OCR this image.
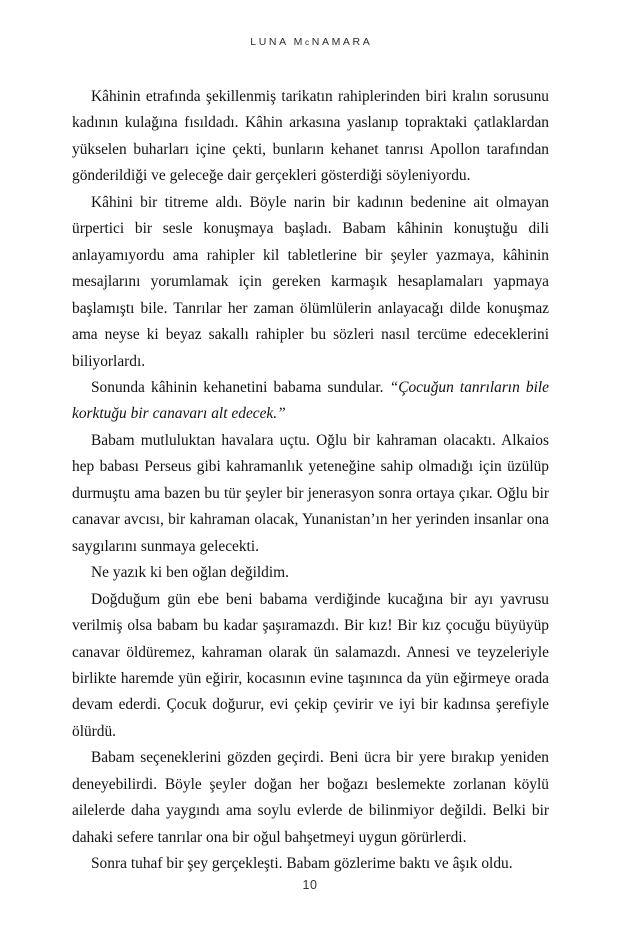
LUNA McNAMARA

Kâhinin etrafında şekillenmiş tarikatın rahiplerinden biri kralın sorusunu kadının kulağına fısıldadı. Kâhin arkasına yaslanıp topraktaki çatlaklardan yükselen buharları içine çekti, bunların kehanet tanrısı Apollon tarafından gönderildiği ve geleceğe dair gerçekleri gösterdiği söyleniyordu.

Kâhini bir titreme aldı. Böyle narin bir kadının bedenine ait olmayan ürpertici bir sesle konuşmaya başladı. Babam kâhinin konuştuğu dili anlayamıyordu ama rahipler kil tabletlerine bir şeyler yazmaya, kâhinin mesajlarını yorumlamak için gereken karmaşık hesaplamaları yapmaya başlamıştı bile. Tanrılar her zaman ölümlülerin anlayacağı dilde konuşmaz ama neyse ki beyaz sakallı rahipler bu sözleri nasıl tercüme edeceklerini biliyorlardı.

Sonunda kâhinin kehanetini babama sundular. “Çocuğun tanrıların bile korktuğu bir canavarı alt edecek.”

Babam mutluluktan havalara uçtu. Oğlu bir kahraman olacaktı. Alkaios hep babası Perseus gibi kahramanlık yeteneğine sahip olmadığı için üzülüp durmuştu ama bazen bu tür şeyler bir jenerasyon sonra ortaya çıkar. Oğlu bir canavar avcısı, bir kahraman olacak, Yunanistan’ın her yerinden insanlar ona saygılarını sunmaya gelecekti.

Ne yazık ki ben oğlan değildim.

Doğduğum gün ebe beni babama verdiğinde kucağına bir ayı yavrusu verilmiş olsa babam bu kadar şaşıramazdı. Bir kız! Bir kız çocuğu büyüyüp canavar öldüremez, kahraman olarak ün salamazdı. Annesi ve teyzeleriyle birlikte haremde yün eğirir, kocasının evine taşınınca da yün eğirmeye orada devam ederdi. Çocuk doğurur, evi çekip çevirir ve iyi bir kadınsa şerefiyle ölürdü.

Babam seçeneklerini gözden geçirdi. Beni ücra bir yere bırakıp yeniden deneyebilirdi. Böyle şeyler doğan her boğazı beslemekte zorlanan köylü ailelerde daha yaygındı ama soylu evlerde de bilinmiyor değildi. Belki bir dahaki sefere tanrılar ona bir oğul bahşetmeyi uygun görürlerdi.

Sonra tuhaf bir şey gerçekleşti. Babam gözlerime baktı ve âşık oldu.

10
